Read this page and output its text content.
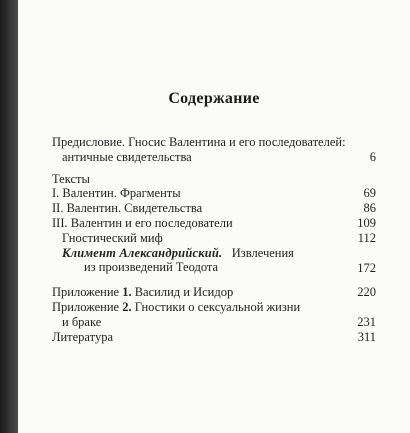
Содержание
Предисловие. Гносис Валентина и его последователей:
античные свидетельства	6
Тексты
I. Валентин. Фрагменты	69
II. Валентин. Свидетельства	86
III. Валентин и его последователи	109
Гностический миф	112
Климент Александрийский. Извлечения
из произведений Теодота	172
Приложение 1. Василид и Исидор	220
Приложение 2. Гностики о сексуальной жизни
и браке	231
Литература	311
